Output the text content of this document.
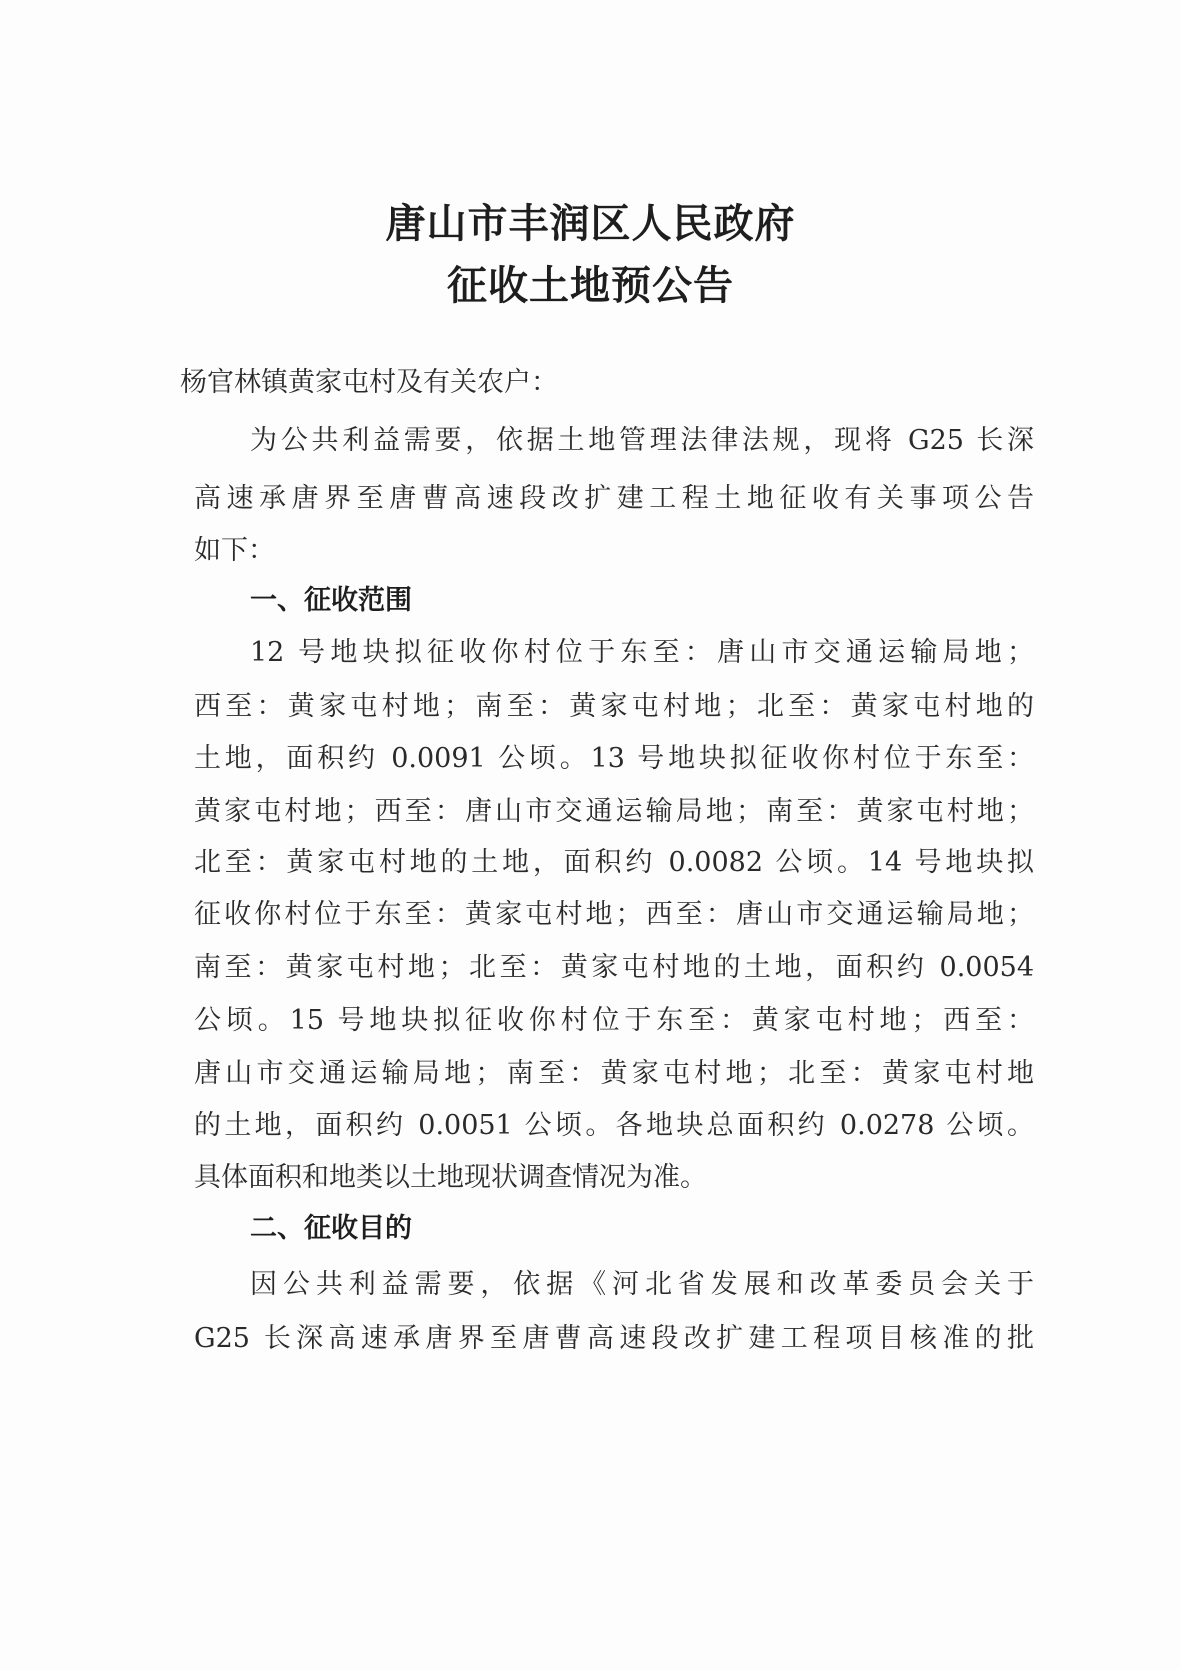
唐山市丰润区人民政府
征收土地预公告
杨官林镇黄家屯村及有关农户：
为公共利益需要，依据土地管理法律法规，现将 G25 长深
高速承唐界至唐曹高速段改扩建工程土地征收有关事项公告
如下：
一、征收范围
12 号地块拟征收你村位于东至：唐山市交通运输局地；
西至：黄家屯村地；南至：黄家屯村地；北至：黄家屯村地的
土地，面积约 0.0091 公顷。13 号地块拟征收你村位于东至：
黄家屯村地；西至：唐山市交通运输局地；南至：黄家屯村地；
北至：黄家屯村地的土地，面积约 0.0082 公顷。14 号地块拟
征收你村位于东至：黄家屯村地；西至：唐山市交通运输局地；
南至：黄家屯村地；北至：黄家屯村地的土地，面积约 0.0054
公顷。15 号地块拟征收你村位于东至：黄家屯村地；西至：
唐山市交通运输局地；南至：黄家屯村地；北至：黄家屯村地
的土地，面积约 0.0051 公顷。各地块总面积约 0.0278 公顷。
具体面积和地类以土地现状调查情况为准。
二、征收目的
因公共利益需要，依据《河北省发展和改革委员会关于
G25 长深高速承唐界至唐曹高速段改扩建工程项目核准的批
